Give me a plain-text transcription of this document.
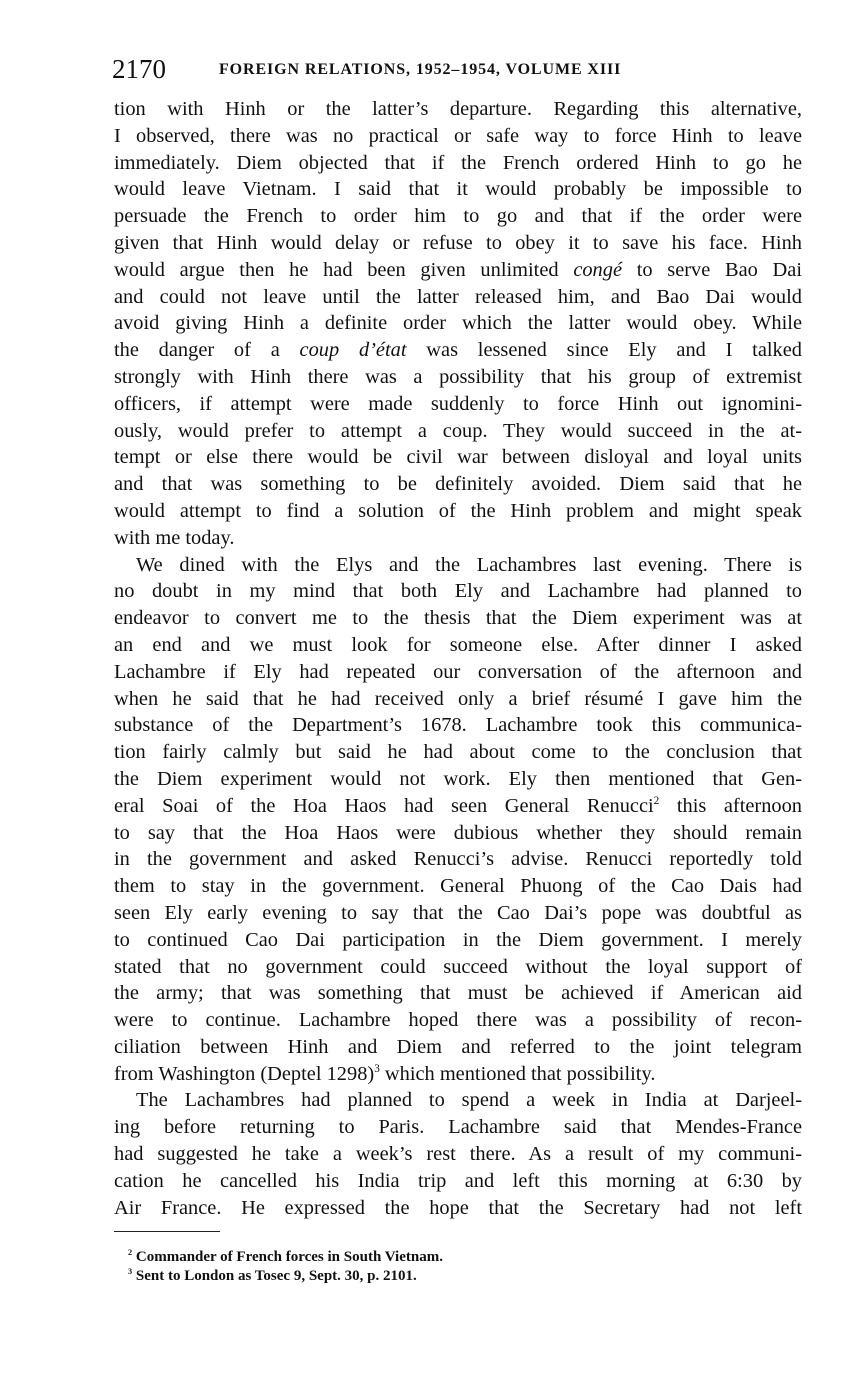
2170	FOREIGN RELATIONS, 1952–1954, VOLUME XIII
tion with Hinh or the latter’s departure. Regarding this alternative,
I observed, there was no practical or safe way to force Hinh to leave
immediately. Diem objected that if the French ordered Hinh to go he
would leave Vietnam. I said that it would probably be impossible to
persuade the French to order him to go and that if the order were
given that Hinh would delay or refuse to obey it to save his face. Hinh
would argue then he had been given unlimited congé to serve Bao Dai
and could not leave until the latter released him, and Bao Dai would
avoid giving Hinh a definite order which the latter would obey. While
the danger of a coup d’état was lessened since Ely and I talked
strongly with Hinh there was a possibility that his group of extremist
officers, if attempt were made suddenly to force Hinh out ignomini-
ously, would prefer to attempt a coup. They would succeed in the at-
tempt or else there would be civil war between disloyal and loyal units
and that was something to be definitely avoided. Diem said that he
would attempt to find a solution of the Hinh problem and might speak
with me today.
We dined with the Elys and the Lachambres last evening. There is
no doubt in my mind that both Ely and Lachambre had planned to
endeavor to convert me to the thesis that the Diem experiment was at
an end and we must look for someone else. After dinner I asked
Lachambre if Ely had repeated our conversation of the afternoon and
when he said that he had received only a brief résumé I gave him the
substance of the Department’s 1678. Lachambre took this communica-
tion fairly calmly but said he had about come to the conclusion that
the Diem experiment would not work. Ely then mentioned that Gen-
eral Soai of the Hoa Haos had seen General Renucci$^2$ this afternoon
to say that the Hoa Haos were dubious whether they should remain
in the government and asked Renucci’s advise. Renucci reportedly told
them to stay in the government. General Phuong of the Cao Dais had
seen Ely early evening to say that the Cao Dai’s pope was doubtful as
to continued Cao Dai participation in the Diem government. I merely
stated that no government could succeed without the loyal support of
the army; that was something that must be achieved if American aid
were to continue. Lachambre hoped there was a possibility of recon-
ciliation between Hinh and Diem and referred to the joint telegram
from Washington (Deptel 1298)$^3$ which mentioned that possibility.
The Lachambres had planned to spend a week in India at Darjeel-
ing before returning to Paris. Lachambre said that Mendes-France
had suggested he take a week’s rest there. As a result of my communi-
cation he cancelled his India trip and left this morning at 6:30 by
Air France. He expressed the hope that the Secretary had not left
$^2$ Commander of French forces in South Vietnam.
$^3$ Sent to London as Tosec 9, Sept. 30, p. 2101.
